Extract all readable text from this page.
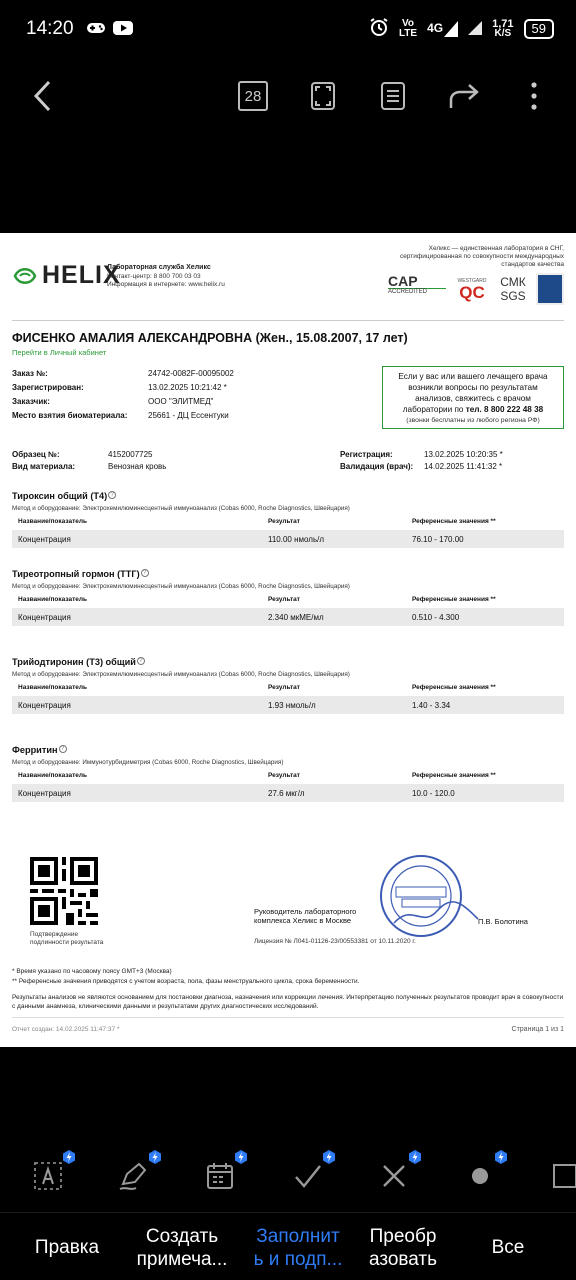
14:20	Vo
LTE 4G	1,71
K/S	59
28
HELIX
Лабораторная служба Хеликс
Контакт-центр: 8 800 700 03 03
Информация в интернете: www.helix.ru
Хеликс — единственная лаборатория в СНГ,
сертифицированная по совокупности международных
стандартов качества
CAP
ACCREDITED
WESTGARD
QC
СМК
SGS
ФИСЕНКО АМАЛИЯ АЛЕКСАНДРОВНА (Жен., 15.08.2007, 17 лет)
Перейти в Личный кабинет
Заказ №:	24742-0082F-00095002
Зарегистрирован:	13.02.2025 10:21:42 *
Заказчик:	ООО "ЭЛИТМЕД"
Место взятия биоматериала:	25661 - ДЦ Ессентуки
Если у вас или вашего лечащего врача
возникли вопросы по результатам
анализов, свяжитесь с врачом
лаборатории по тел. 8 800 222 48 38
(звонки бесплатны из любого региона РФ)
Образец №:	4152007725	Регистрация:	13.02.2025 10:20:35 *
Вид материала:	Венозная кровь	Валидация (врач):	14.02.2025 11:41:32 *
Тироксин общий (Т4) ?
Метод и оборудование: Электрохемилюминесцентный иммуноанализ (Cobas 6000, Roche Diagnostics, Швейцария)
Название/показатель	Результат	Референсные значения **
Концентрация	110.00 нмоль/л	76.10 - 170.00
Тиреотропный гормон (ТТГ) ?
Метод и оборудование: Электрохемилюминесцентный иммуноанализ (Cobas 6000, Roche Diagnostics, Швейцария)
Название/показатель	Результат	Референсные значения **
Концентрация	2.340 мкМЕ/мл	0.510 - 4.300
Трийодтиронин (Т3) общий ?
Метод и оборудование: Электрохемилюминесцентный иммуноанализ (Cobas 6000, Roche Diagnostics, Швейцария)
Название/показатель	Результат	Референсные значения **
Концентрация	1.93 нмоль/л	1.40 - 3.34
Ферритин ?
Метод и оборудование: Иммунотурбидиметрия (Cobas 6000, Roche Diagnostics, Швейцария)
Название/показатель	Результат	Референсные значения **
Концентрация	27.6 мкг/л	10.0 - 120.0
Подтверждение
подлинности результата
Руководитель лабораторного
комплекса Хеликс в Москве	П.В. Болотина
Лицензия № Л041-01126-23/00553381 от 10.11.2020 г.
* Время указано по часовому поясу GMT+3 (Москва)
** Референсные значения приводятся с учетом возраста, пола, фазы менструального цикла, срока беременности.
Результаты анализов не являются основанием для постановки диагноза, назначения или коррекции лечения. Интерпретацию полученных результатов проводит врач в совокупности с данными анамнеза, клиническими данными и результатами других диагностических исследований.
Отчет создан: 14.02.2025 11:47:37 *	Страница 1 из 1
Правка
Создать
примеча...
Заполнит
ь и подп...
Преобр
азовать
Все
